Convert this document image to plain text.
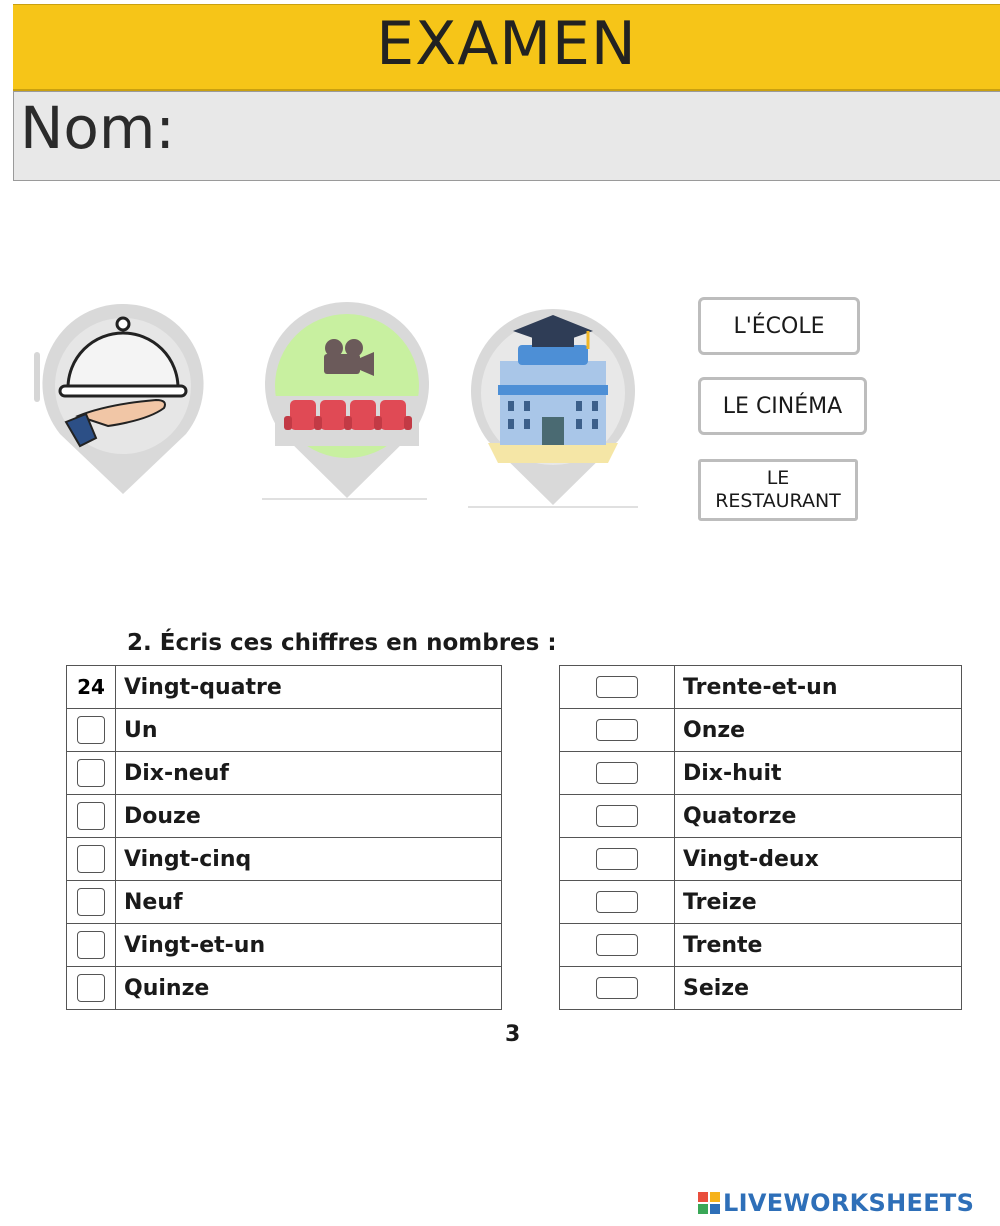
EXAMEN
Nom:
L'ÉCOLE
LE CINÉMA
LE RESTAURANT
2. Écris ces chiffres en nombres :
24	Vingt-quatre

	Un

	Dix-neuf

	Douze

	Vingt-cinq

	Neuf

	Vingt-et-un

	Quinze
	Trente-et-un

	Onze

	Dix-huit

	Quatorze

	Vingt-deux

	Treize

	Trente

	Seize
3
LIVEWORKSHEETS
